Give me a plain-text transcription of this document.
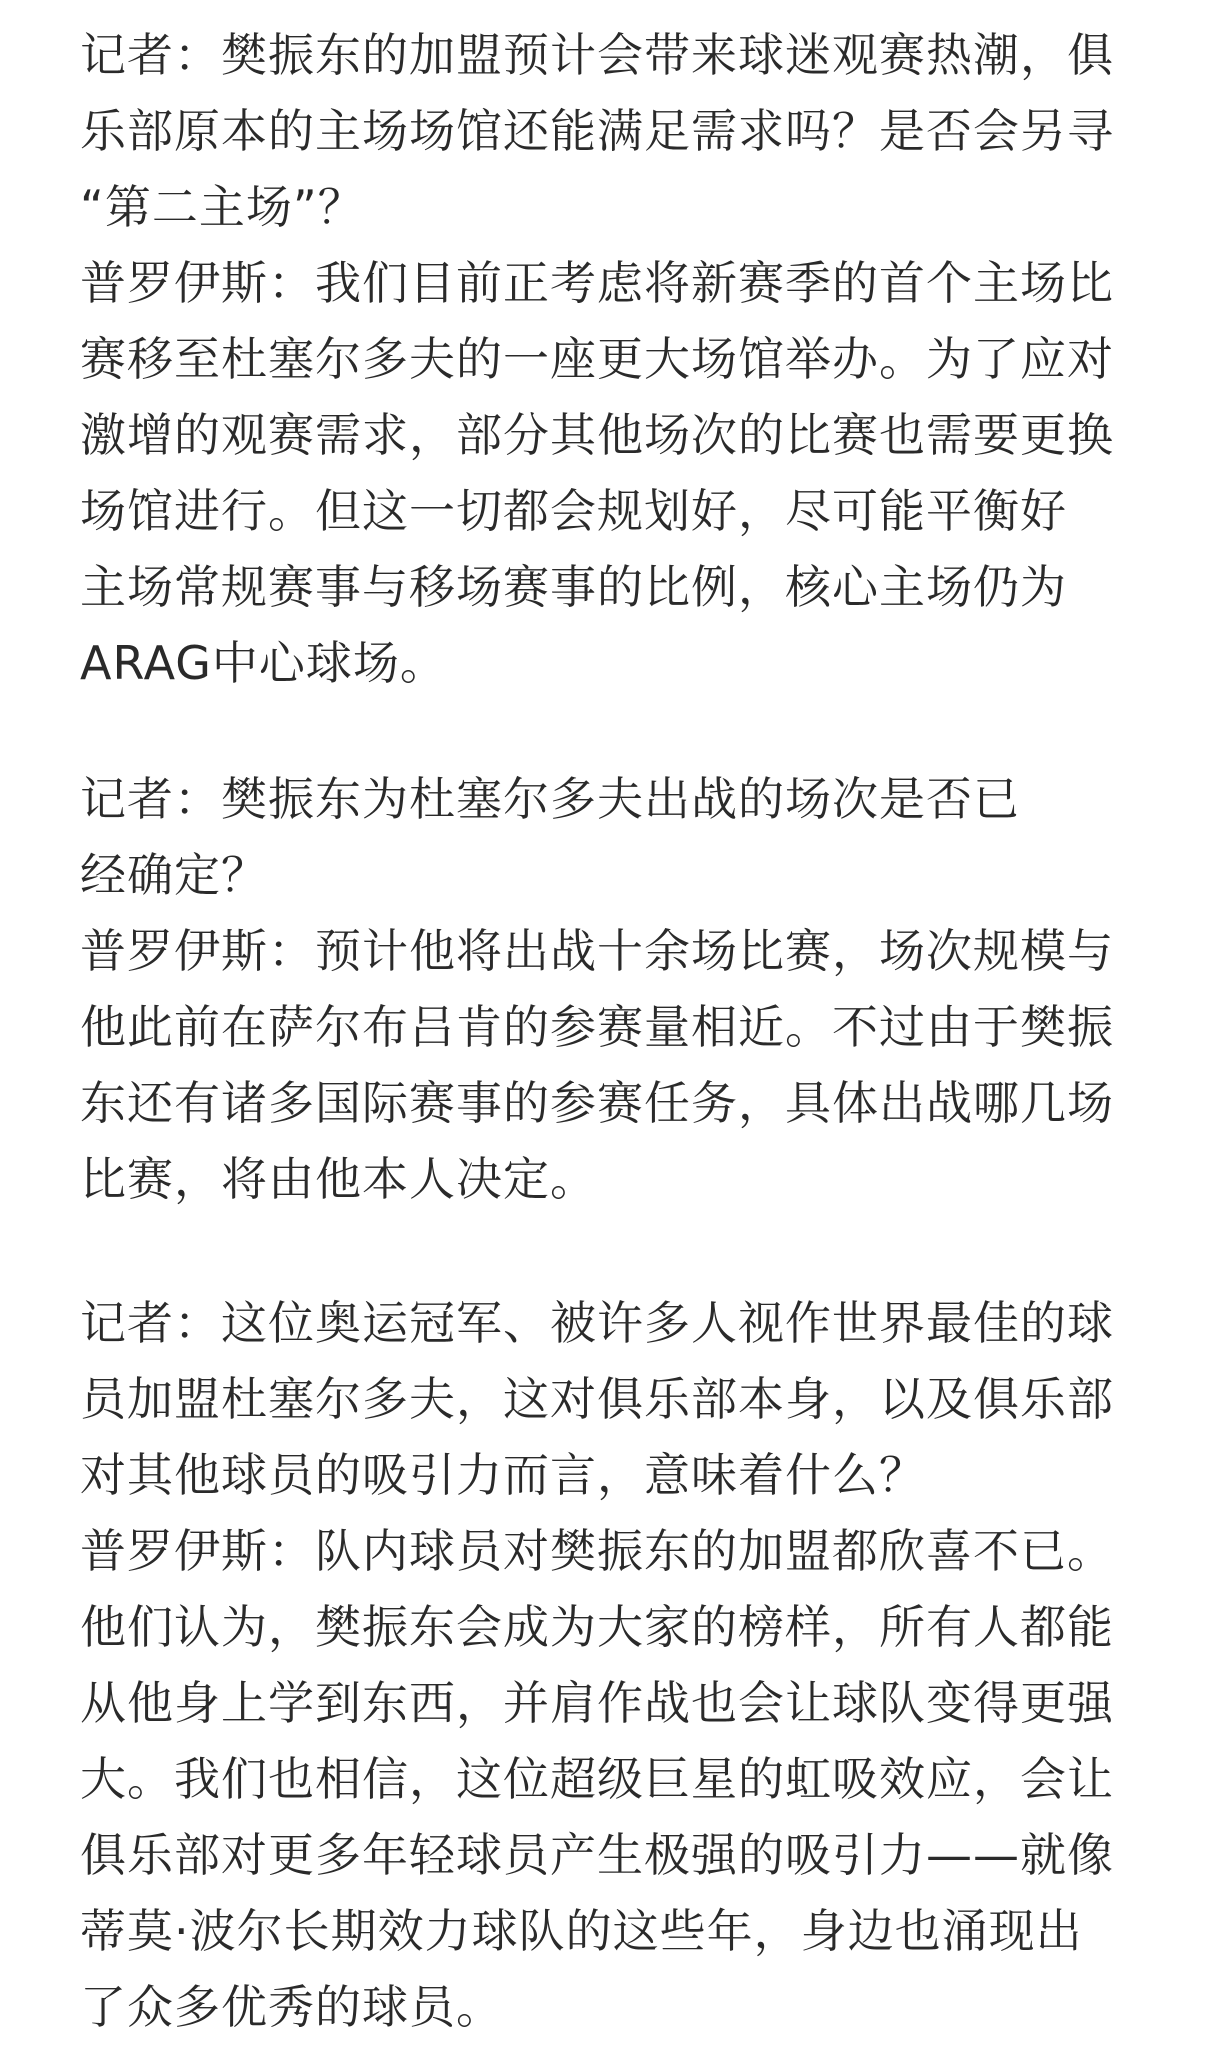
记者：樊振东的加盟预计会带来球迷观赛热潮，俱
乐部原本的主场场馆还能满足需求吗？是否会另寻
“第二主场”？
普罗伊斯：我们目前正考虑将新赛季的首个主场比
赛移至杜塞尔多夫的一座更大场馆举办。为了应对
激增的观赛需求，部分其他场次的比赛也需要更换
场馆进行。但这一切都会规划好，尽可能平衡好
主场常规赛事与移场赛事的比例，核心主场仍为
ARAG中心球场。
记者：樊振东为杜塞尔多夫出战的场次是否已
经确定？
普罗伊斯：预计他将出战十余场比赛，场次规模与
他此前在萨尔布吕肯的参赛量相近。不过由于樊振
东还有诸多国际赛事的参赛任务，具体出战哪几场
比赛，将由他本人决定。
记者：这位奥运冠军、被许多人视作世界最佳的球
员加盟杜塞尔多夫，这对俱乐部本身，以及俱乐部
对其他球员的吸引力而言，意味着什么？
普罗伊斯：队内球员对樊振东的加盟都欣喜不已。
他们认为，樊振东会成为大家的榜样，所有人都能
从他身上学到东西，并肩作战也会让球队变得更强
大。我们也相信，这位超级巨星的虹吸效应，会让
俱乐部对更多年轻球员产生极强的吸引力——就像
蒂莫·波尔长期效力球队的这些年，身边也涌现出
了众多优秀的球员。
